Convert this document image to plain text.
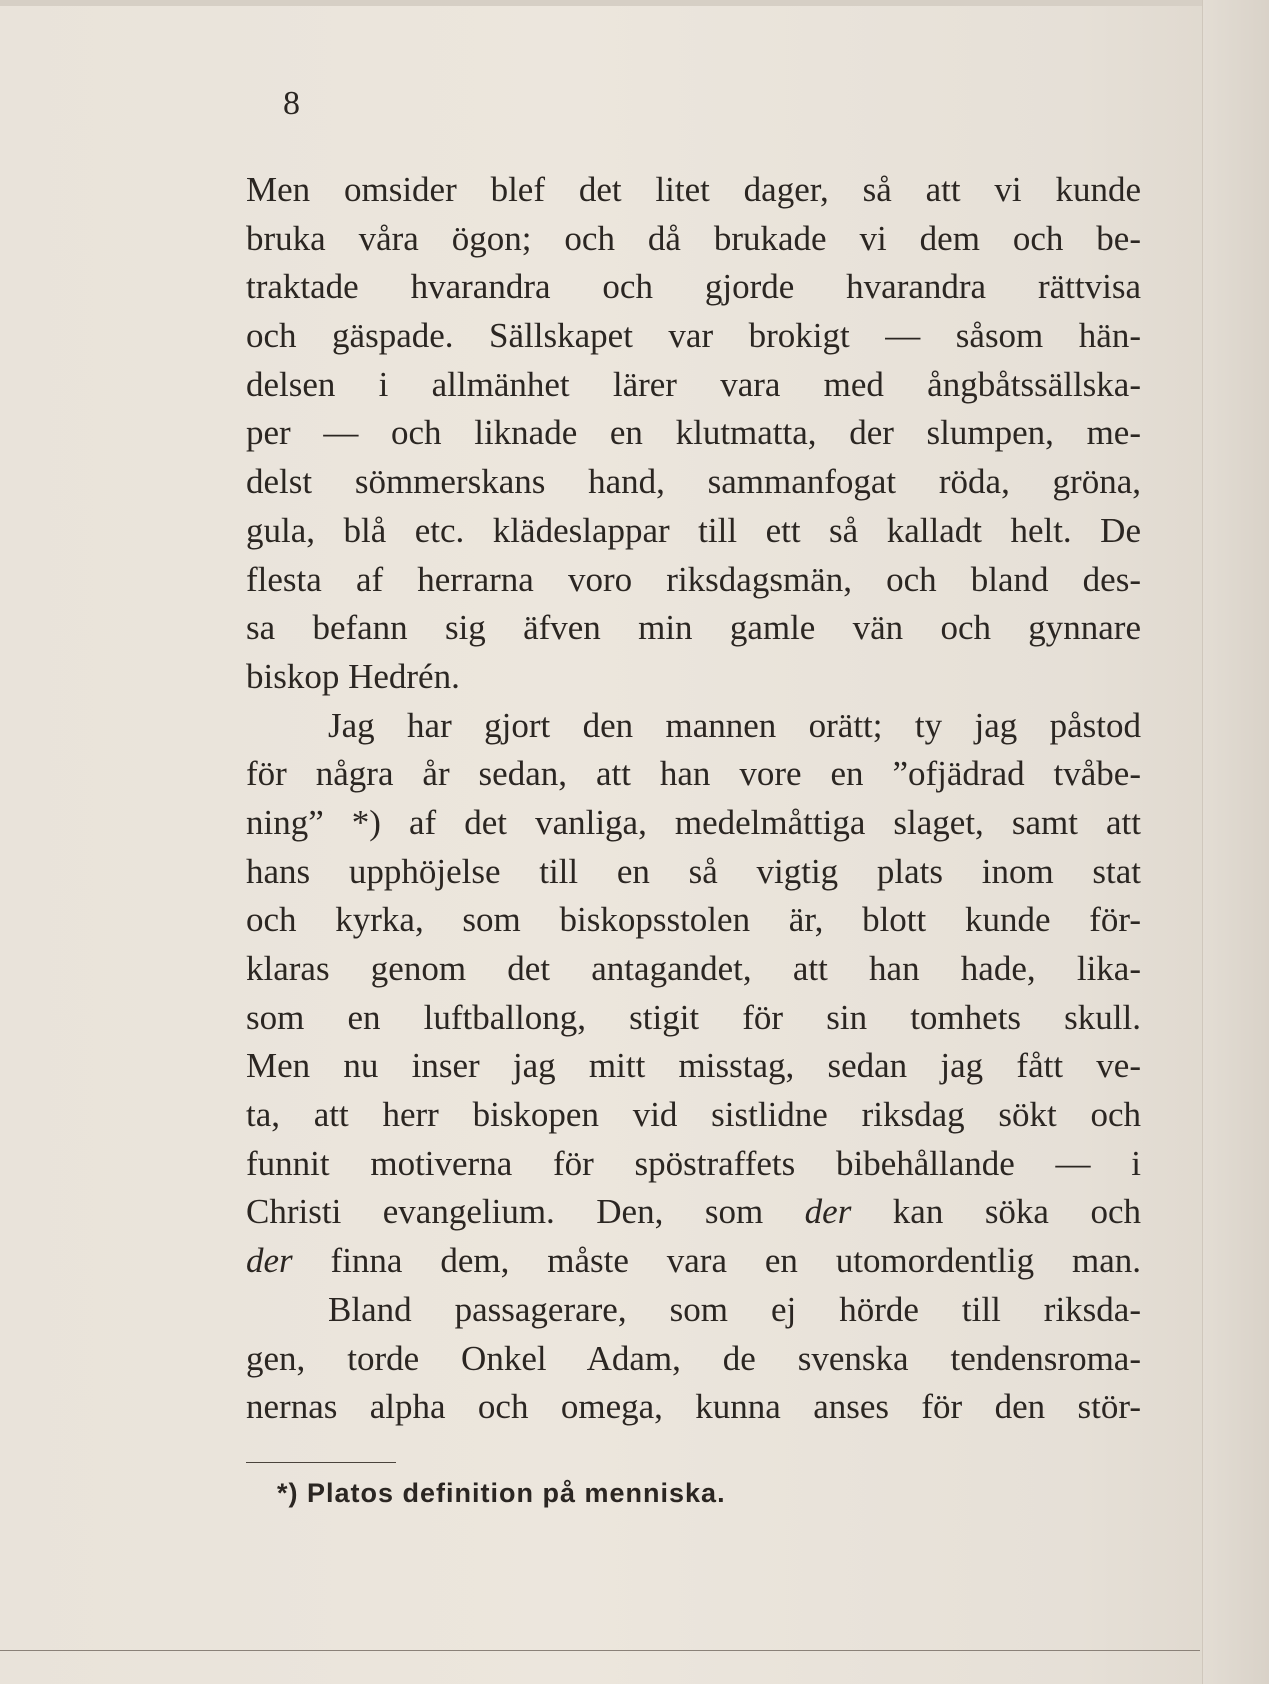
8
Men omsider blef det litet dager, så att vi kunde
bruka våra ögon; och då brukade vi dem och be-
traktade hvarandra och gjorde hvarandra rättvisa
och gäspade. Sällskapet var brokigt — såsom hän-
delsen i allmänhet lärer vara med ångbåtssällska-
per — och liknade en klutmatta, der slumpen, me-
delst sömmerskans hand, sammanfogat röda, gröna,
gula, blå etc. klädeslappar till ett så kalladt helt. De
flesta af herrarna voro riksdagsmän, och bland des-
sa befann sig äfven min gamle vän och gynnare
biskop Hedrén.
Jag har gjort den mannen orätt; ty jag påstod
för några år sedan, att han vore en ”ofjädrad tvåbe-
ning” *) af det vanliga, medelmåttiga slaget, samt att
hans upphöjelse till en så vigtig plats inom stat
och kyrka, som biskopsstolen är, blott kunde för-
klaras genom det antagandet, att han hade, lika-
som en luftballong, stigit för sin tomhets skull.
Men nu inser jag mitt misstag, sedan jag fått ve-
ta, att herr biskopen vid sistlidne riksdag sökt och
funnit motiverna för spöstraffets bibehållande — i
Christi evangelium. Den, som der kan söka och
der finna dem, måste vara en utomordentlig man.
Bland passagerare, som ej hörde till riksda-
gen, torde Onkel Adam, de svenska tendensroma-
nernas alpha och omega, kunna anses för den stör-
*) Platos definition på menniska.
